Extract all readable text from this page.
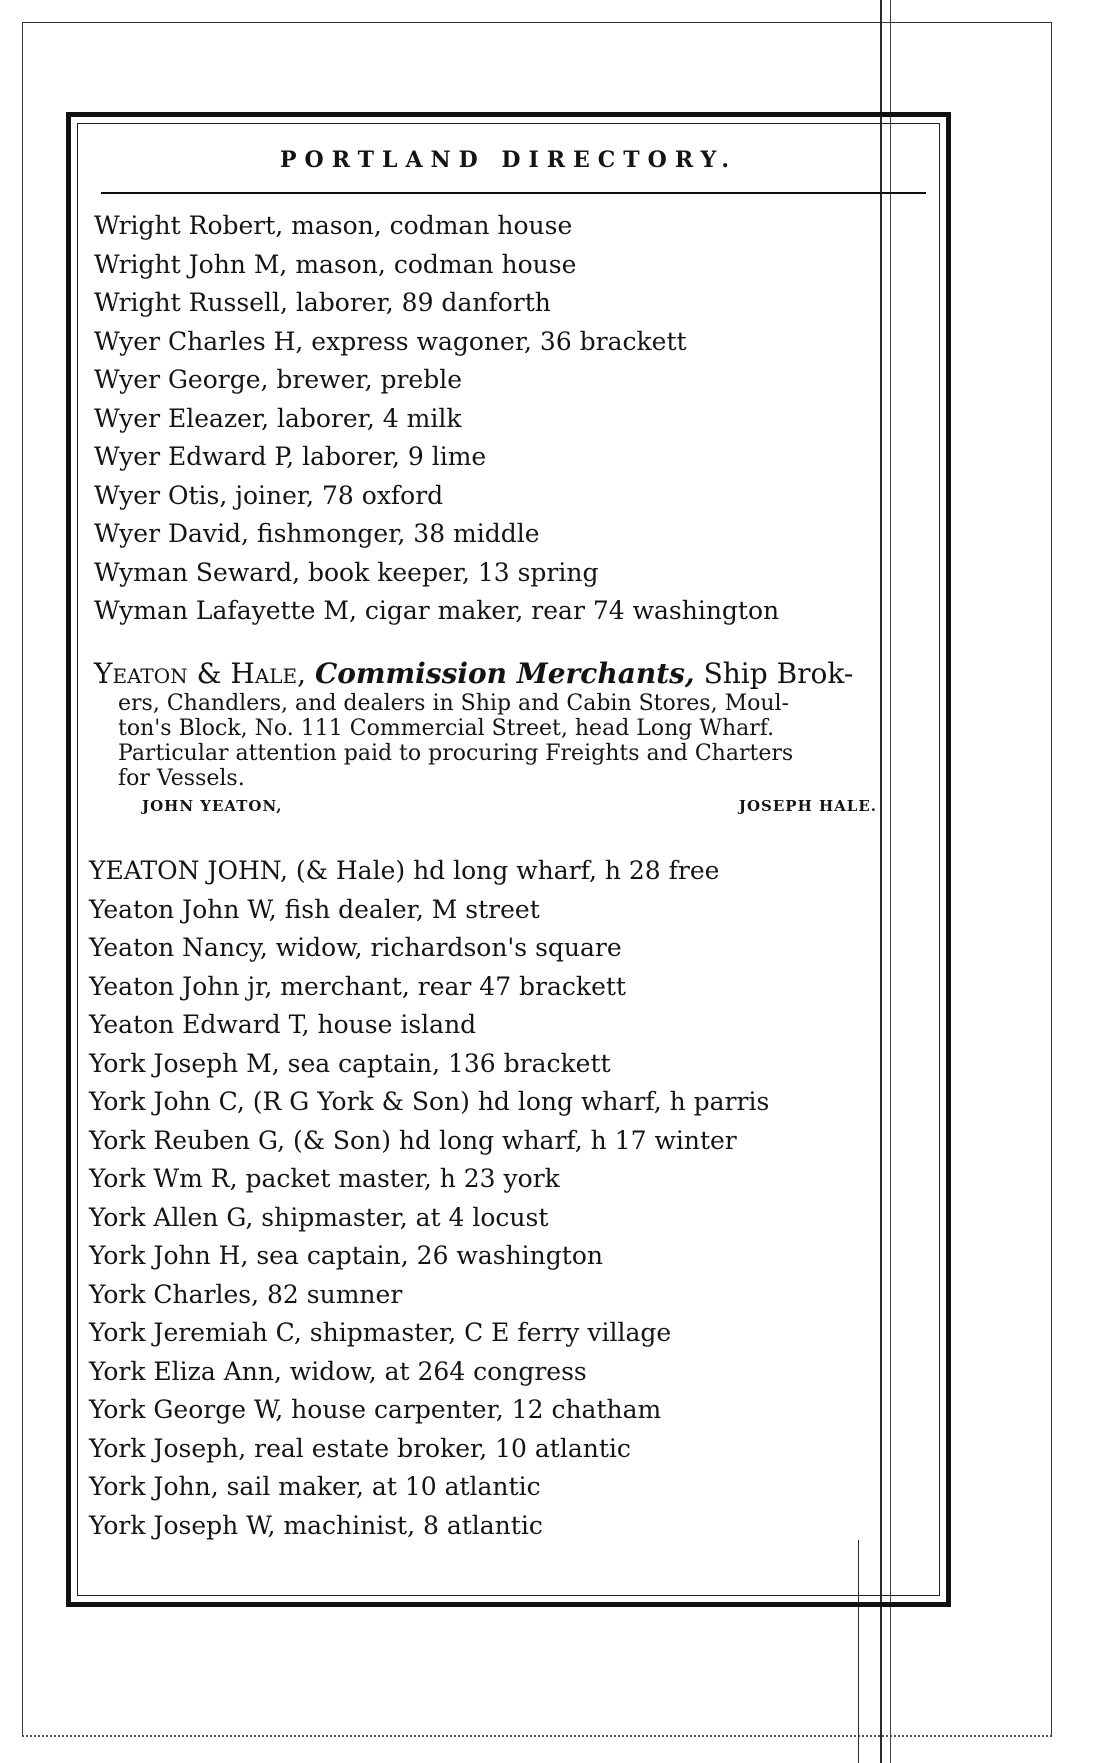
PORTLAND DIRECTORY.
Wright Robert, mason, codman house
Wright John M, mason, codman house
Wright Russell, laborer, 89 danforth
Wyer Charles H, express wagoner, 36 brackett
Wyer George, brewer, preble
Wyer Eleazer, laborer, 4 milk
Wyer Edward P, laborer, 9 lime
Wyer Otis, joiner, 78 oxford
Wyer David, fishmonger, 38 middle
Wyman Seward, book keeper, 13 spring
Wyman Lafayette M, cigar maker, rear 74 washington
Yeaton & Hale, Commission Merchants, Ship Brok-
ers, Chandlers, and dealers in Ship and Cabin Stores, Moul-
ton's Block, No. 111 Commercial Street, head Long Wharf.
Particular attention paid to procuring Freights and Charters
for Vessels.
JOHN YEATON,	JOSEPH HALE.
YEATON JOHN, (& Hale) hd long wharf, h 28 free
Yeaton John W, fish dealer, M street
Yeaton Nancy, widow, richardson's square
Yeaton John jr, merchant, rear 47 brackett
Yeaton Edward T, house island
York Joseph M, sea captain, 136 brackett
York John C, (R G York & Son) hd long wharf, h parris
York Reuben G, (& Son) hd long wharf, h 17 winter
York Wm R, packet master, h 23 york
York Allen G, shipmaster, at 4 locust
York John H, sea captain, 26 washington
York Charles, 82 sumner
York Jeremiah C, shipmaster, C E ferry village
York Eliza Ann, widow, at 264 congress
York George W, house carpenter, 12 chatham
York Joseph, real estate broker, 10 atlantic
York John, sail maker, at 10 atlantic
York Joseph W, machinist, 8 atlantic
